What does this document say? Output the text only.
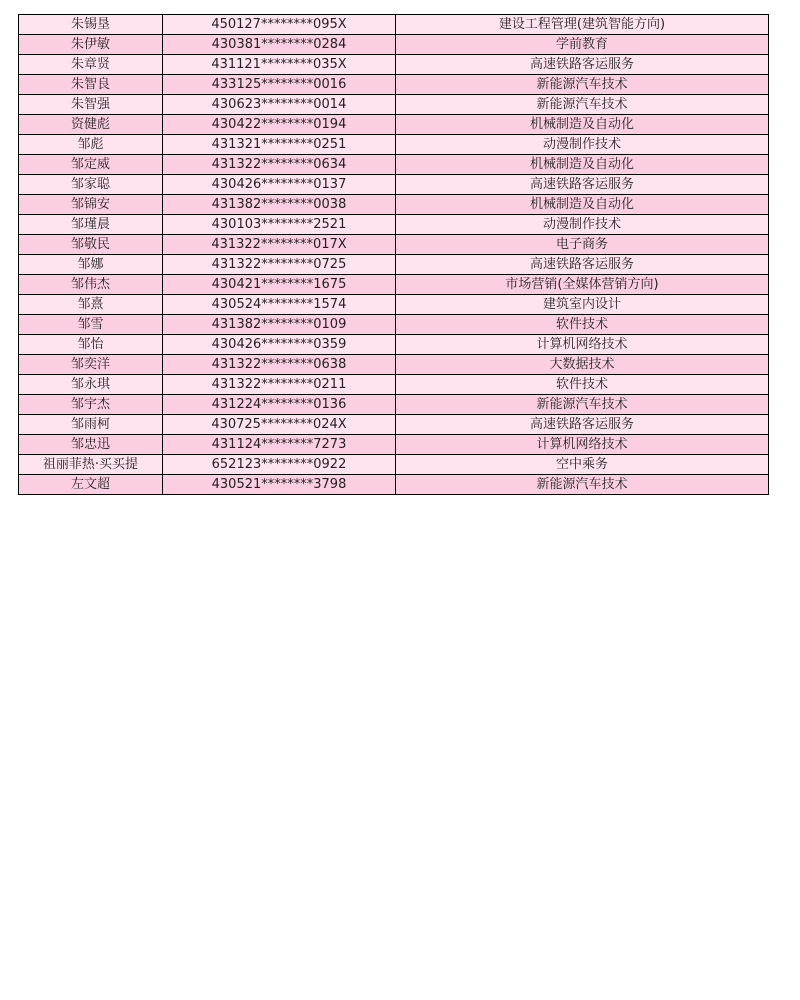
朱锡垦	450127********095X	建设工程管理(建筑智能方向)
朱伊敏	430381********0284	学前教育
朱章贤	431121********035X	高速铁路客运服务
朱智良	433125********0016	新能源汽车技术
朱智强	430623********0014	新能源汽车技术
资健彪	430422********0194	机械制造及自动化
邹彪	431321********0251	动漫制作技术
邹定威	431322********0634	机械制造及自动化
邹家聪	430426********0137	高速铁路客运服务
邹锦安	431382********0038	机械制造及自动化
邹瑾晨	430103********2521	动漫制作技术
邹敬民	431322********017X	电子商务
邹娜	431322********0725	高速铁路客运服务
邹伟杰	430421********1675	市场营销(全媒体营销方向)
邹熹	430524********1574	建筑室内设计
邹雪	431382********0109	软件技术
邹怡	430426********0359	计算机网络技术
邹奕洋	431322********0638	大数据技术
邹永琪	431322********0211	软件技术
邹宇杰	431224********0136	新能源汽车技术
邹雨柯	430725********024X	高速铁路客运服务
邹忠迅	431124********7273	计算机网络技术
祖丽菲热·买买提	652123********0922	空中乘务
左文超	430521********3798	新能源汽车技术
